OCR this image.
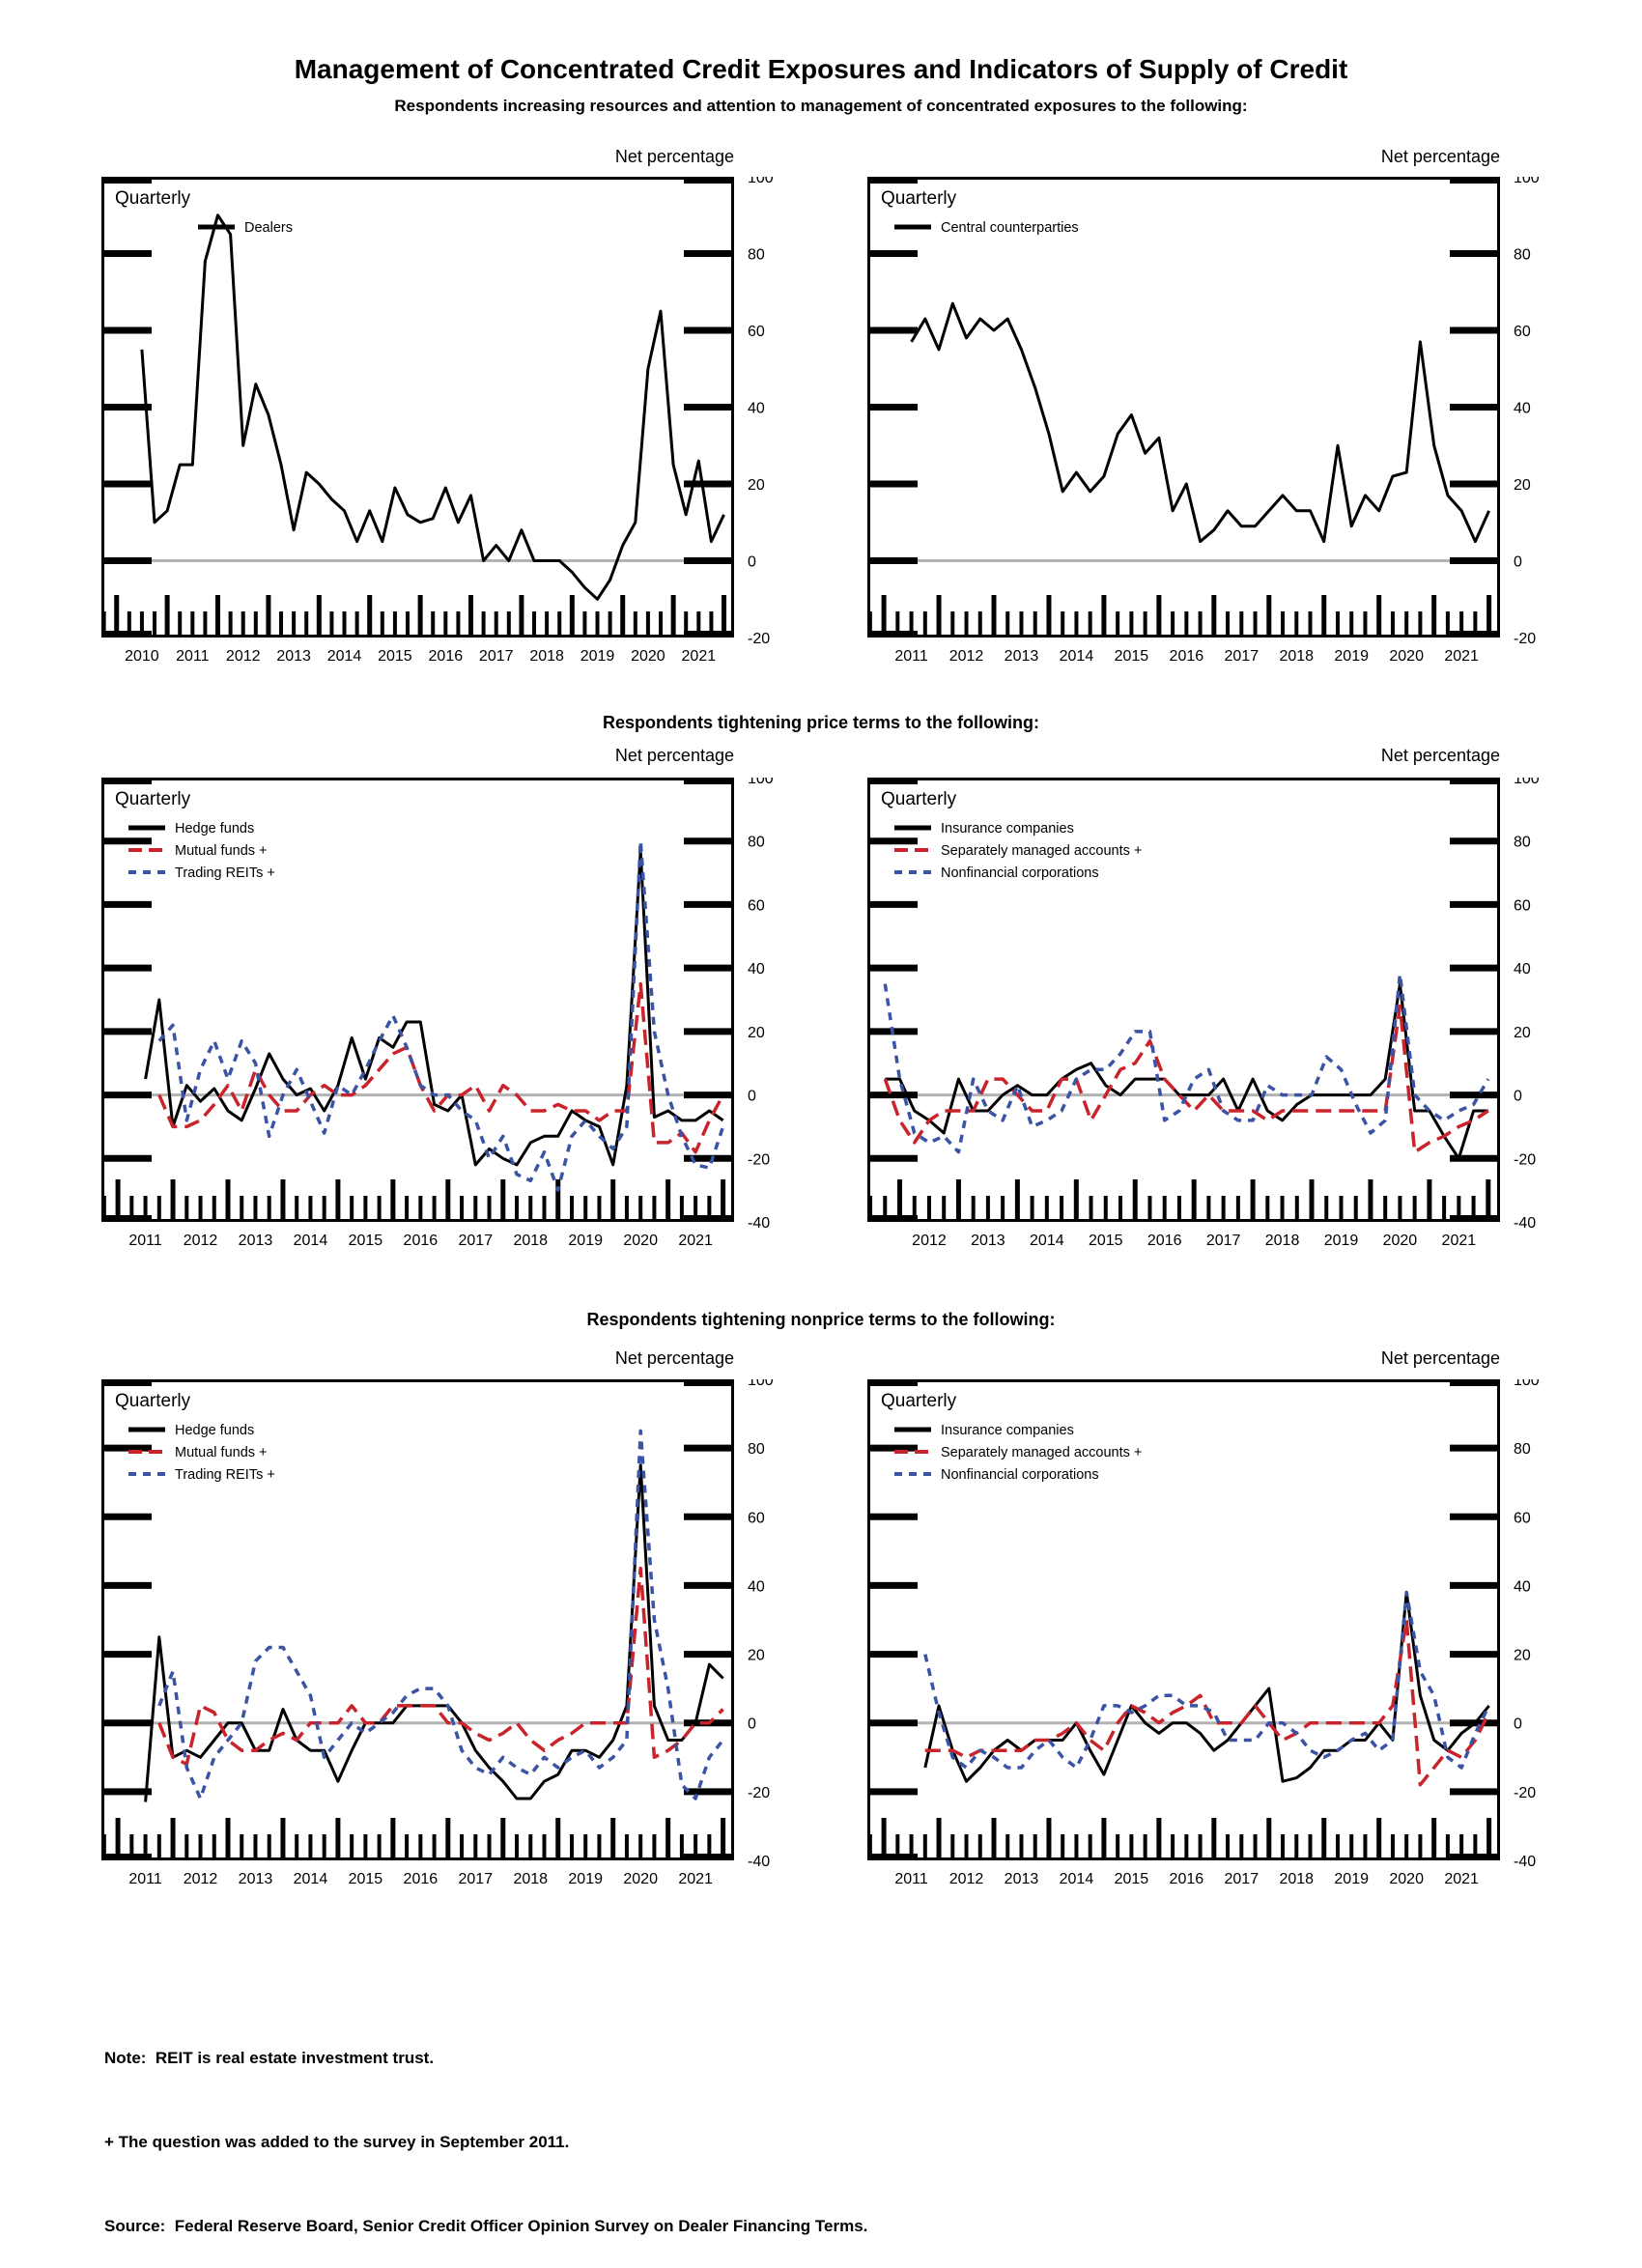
Management of Concentrated Credit Exposures and Indicators of Supply of Credit
Respondents increasing resources and attention to management of concentrated exposures to the following:
Net percentage	Net percentage
Net percentage	Net percentage
Net percentage	Net percentage
Respondents tightening price terms to the following:
Respondents tightening nonprice terms to the following:
-20
0
20
40
60
80
100
2010 2011 2012 2013 2014 2015 2016 2017 2018 2019 2020 2021
Quarterly
Dealers
-20
0
20
40
60
80
100
2011 2012 2013 2014 2015 2016 2017 2018 2019 2020 2021
Quarterly
Central counterparties
-40
-20
0
20
40
60
80
100
2011 2012 2013 2014 2015 2016 2017 2018 2019 2020 2021
Quarterly
Hedge funds
Mutual funds +
Trading REITs +
-40
-20
0
20
40
60
80
100
2012 2013 2014 2015 2016 2017 2018 2019 2020 2021
Quarterly
Insurance companies
Separately managed accounts +
Nonfinancial corporations
-40
-20
0
20
40
60
80
100
2011 2012 2013 2014 2015 2016 2017 2018 2019 2020 2021
Quarterly
Hedge funds
Mutual funds +
Trading REITs +
-40
-20
0
20
40
60
80
100
2011 2012 2013 2014 2015 2016 2017 2018 2019 2020 2021
Quarterly
Insurance companies
Separately managed accounts +
Nonfinancial corporations

Note:  REIT is real estate investment trust.

+ The question was added to the survey in September 2011.

Source:  Federal Reserve Board, Senior Credit Officer Opinion Survey on Dealer Financing Terms.
